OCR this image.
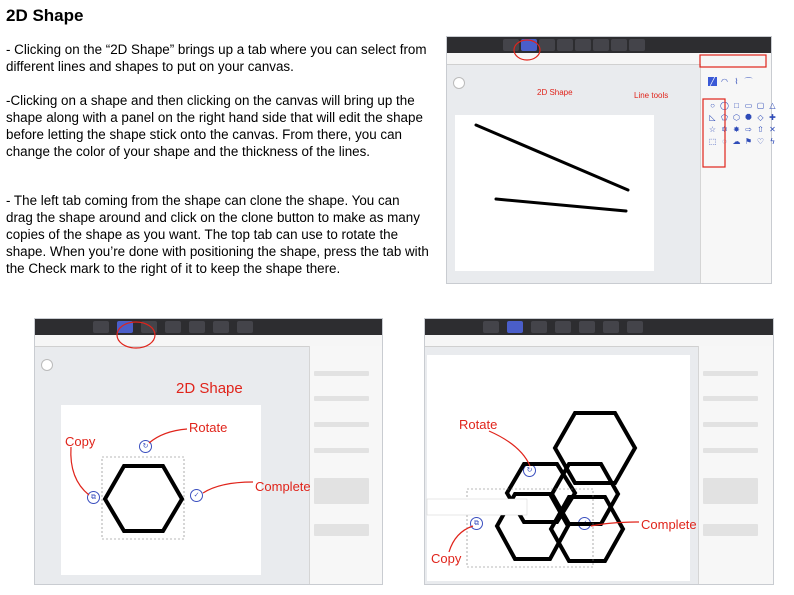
2D Shape
- Clicking on the “2D Shape” brings up a tab where you can select from different lines and shapes to put on your canvas.
-Clicking on a shape and then clicking on the canvas will bring up the shape along with a panel on the right hand side that will edit the shape before letting the shape stick onto the canvas. From there, you can change the color of your shape and the thickness of the lines.
- The left tab coming from the shape can clone the shape. You can drag the shape around and click on the clone button to make as many copies of the shape as you want. The top tab can use to rotate the shape. When you’re done with positioning the shape, press the tab with the Check mark to the right of it to keep the shape there.
╱ ◠ ⌇ ⌒
○ ◯ □ ▭ ▢ △
◺ ⬠ ⬡ ⯃ ◇ ✚
☆ ✡ ✸ ⇨ ⇧ ✕
⬚ ◌ ☁ ⚑ ♡ ϟ
2D Shape	Line tools
2D Shape
Rotate
Copy
Complete
↻
⧉	✓
Rotate
Copy
Complete
↻
⧉	✓
